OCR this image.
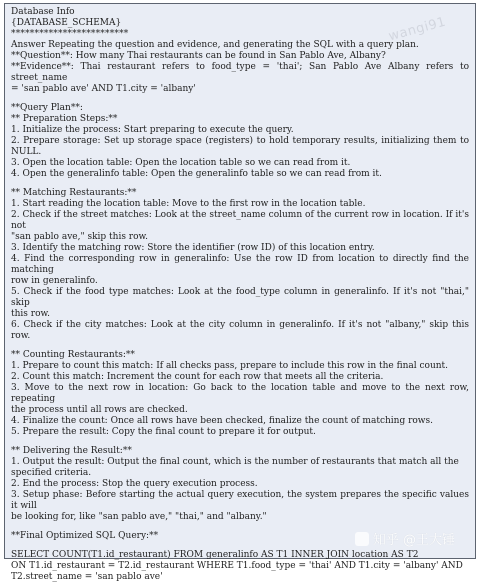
wangi91
Database Info
{DATABASE_SCHEMA}
*************************
Answer Repeating the question and evidence, and generating the SQL with a query plan.
**Question**: How many Thai restaurants can be found in San Pablo Ave, Albany?
**Evidence**: Thai restaurant refers to food_type = 'thai'; San Pablo Ave Albany refers to street_name
= 'san pablo ave' AND T1.city = 'albany'
**Query Plan**:
** Preparation Steps:**
1. Initialize the process: Start preparing to execute the query.
2. Prepare storage: Set up storage space (registers) to hold temporary results, initializing them to NULL.
3. Open the location table: Open the location table so we can read from it.
4. Open the generalinfo table: Open the generalinfo table so we can read from it.
** Matching Restaurants:**
1. Start reading the location table: Move to the first row in the location table.
2. Check if the street matches: Look at the street_name column of the current row in location. If it's not
"san pablo ave," skip this row.
3. Identify the matching row: Store the identifier (row ID) of this location entry.
4. Find the corresponding row in generalinfo: Use the row ID from location to directly find the matching
row in generalinfo.
5. Check if the food type matches: Look at the food_type column in generalinfo. If it's not "thai," skip
this row.
6. Check if the city matches: Look at the city column in generalinfo. If it's not "albany," skip this row.
** Counting Restaurants:**
1. Prepare to count this match: If all checks pass, prepare to include this row in the final count.
2. Count this match: Increment the count for each row that meets all the criteria.
3. Move to the next row in location: Go back to the location table and move to the next row, repeating
the process until all rows are checked.
4. Finalize the count: Once all rows have been checked, finalize the count of matching rows.
5. Prepare the result: Copy the final count to prepare it for output.
** Delivering the Result:**
1. Output the result: Output the final count, which is the number of restaurants that match all the
specified criteria.
2. End the process: Stop the query execution process.
3. Setup phase: Before starting the actual query execution, the system prepares the specific values it will
be looking for, like "san pablo ave," "thai," and "albany."
**Final Optimized SQL Query:**
SELECT COUNT(T1.id_restaurant) FROM generalinfo AS T1 INNER JOIN location AS T2
ON T1.id_restaurant = T2.id_restaurant WHERE T1.food_type = 'thai' AND T1.city = 'albany' AND
T2.street_name = 'san pablo ave'
知乎 @王大锤
